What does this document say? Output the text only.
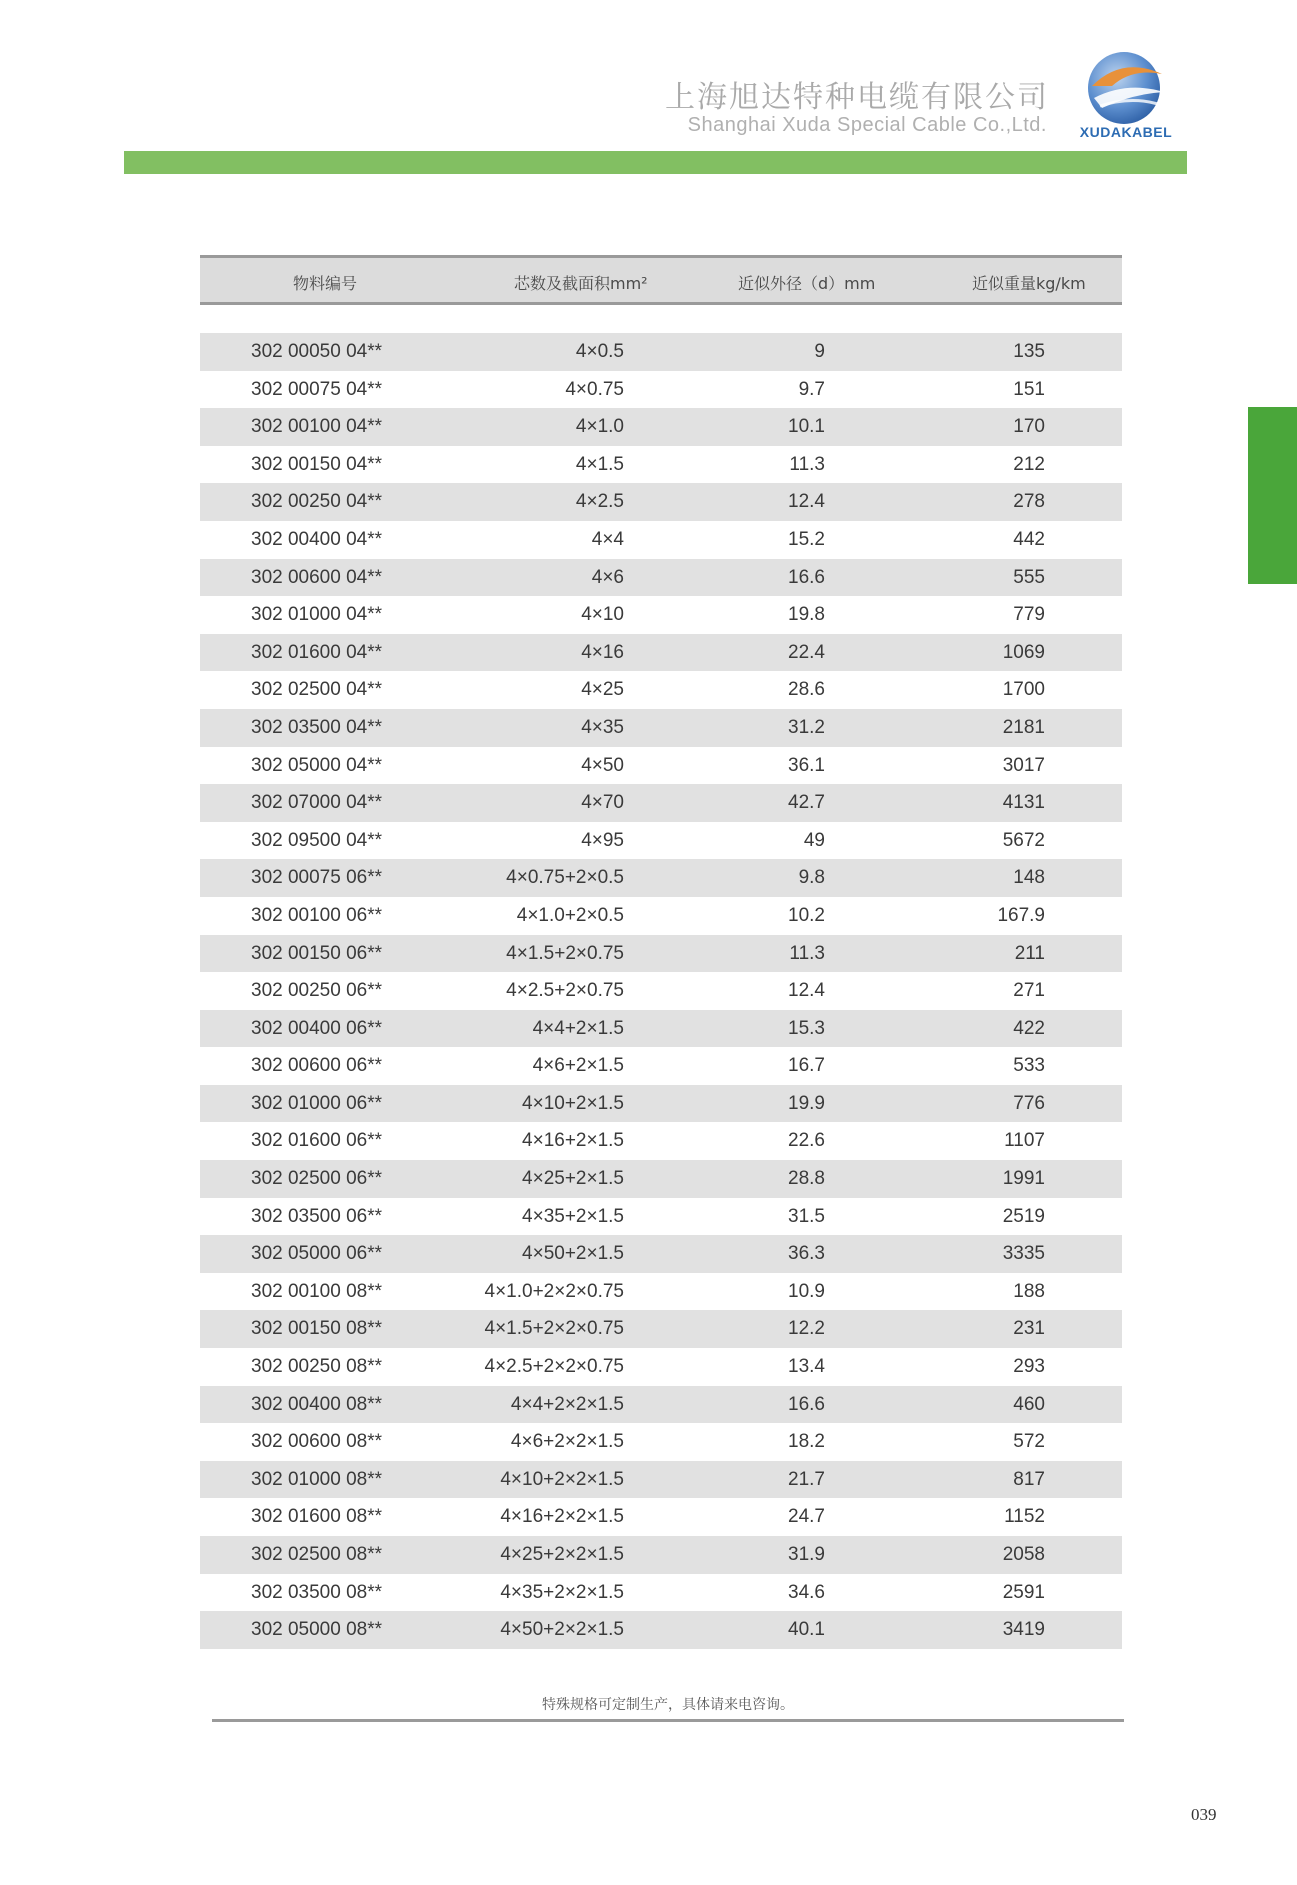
上海旭达特种电缆有限公司
Shanghai Xuda Special Cable Co.,Ltd.	XUDAKABEL
物料编号	芯数及截面积mm²	近似外径（d）mm	近似重量kg/km
302 00050 04**	4×0.5	9	135
302 00075 04**	4×0.75	9.7	151
302 00100 04**	4×1.0	10.1	170
302 00150 04**	4×1.5	11.3	212
302 00250 04**	4×2.5	12.4	278
302 00400 04**	4×4	15.2	442
302 00600 04**	4×6	16.6	555
302 01000 04**	4×10	19.8	779
302 01600 04**	4×16	22.4	1069
302 02500 04**	4×25	28.6	1700
302 03500 04**	4×35	31.2	2181
302 05000 04**	4×50	36.1	3017
302 07000 04**	4×70	42.7	4131
302 09500 04**	4×95	49	5672
302 00075 06**	4×0.75+2×0.5	9.8	148
302 00100 06**	4×1.0+2×0.5	10.2	167.9
302 00150 06**	4×1.5+2×0.75	11.3	211
302 00250 06**	4×2.5+2×0.75	12.4	271
302 00400 06**	4×4+2×1.5	15.3	422
302 00600 06**	4×6+2×1.5	16.7	533
302 01000 06**	4×10+2×1.5	19.9	776
302 01600 06**	4×16+2×1.5	22.6	1107
302 02500 06**	4×25+2×1.5	28.8	1991
302 03500 06**	4×35+2×1.5	31.5	2519
302 05000 06**	4×50+2×1.5	36.3	3335
302 00100 08**	4×1.0+2×2×0.75	10.9	188
302 00150 08**	4×1.5+2×2×0.75	12.2	231
302 00250 08**	4×2.5+2×2×0.75	13.4	293
302 00400 08**	4×4+2×2×1.5	16.6	460
302 00600 08**	4×6+2×2×1.5	18.2	572
302 01000 08**	4×10+2×2×1.5	21.7	817
302 01600 08**	4×16+2×2×1.5	24.7	1152
302 02500 08**	4×25+2×2×1.5	31.9	2058
302 03500 08**	4×35+2×2×1.5	34.6	2591
302 05000 08**	4×50+2×2×1.5	40.1	3419
特殊规格可定制生产，具体请来电咨询。
039
